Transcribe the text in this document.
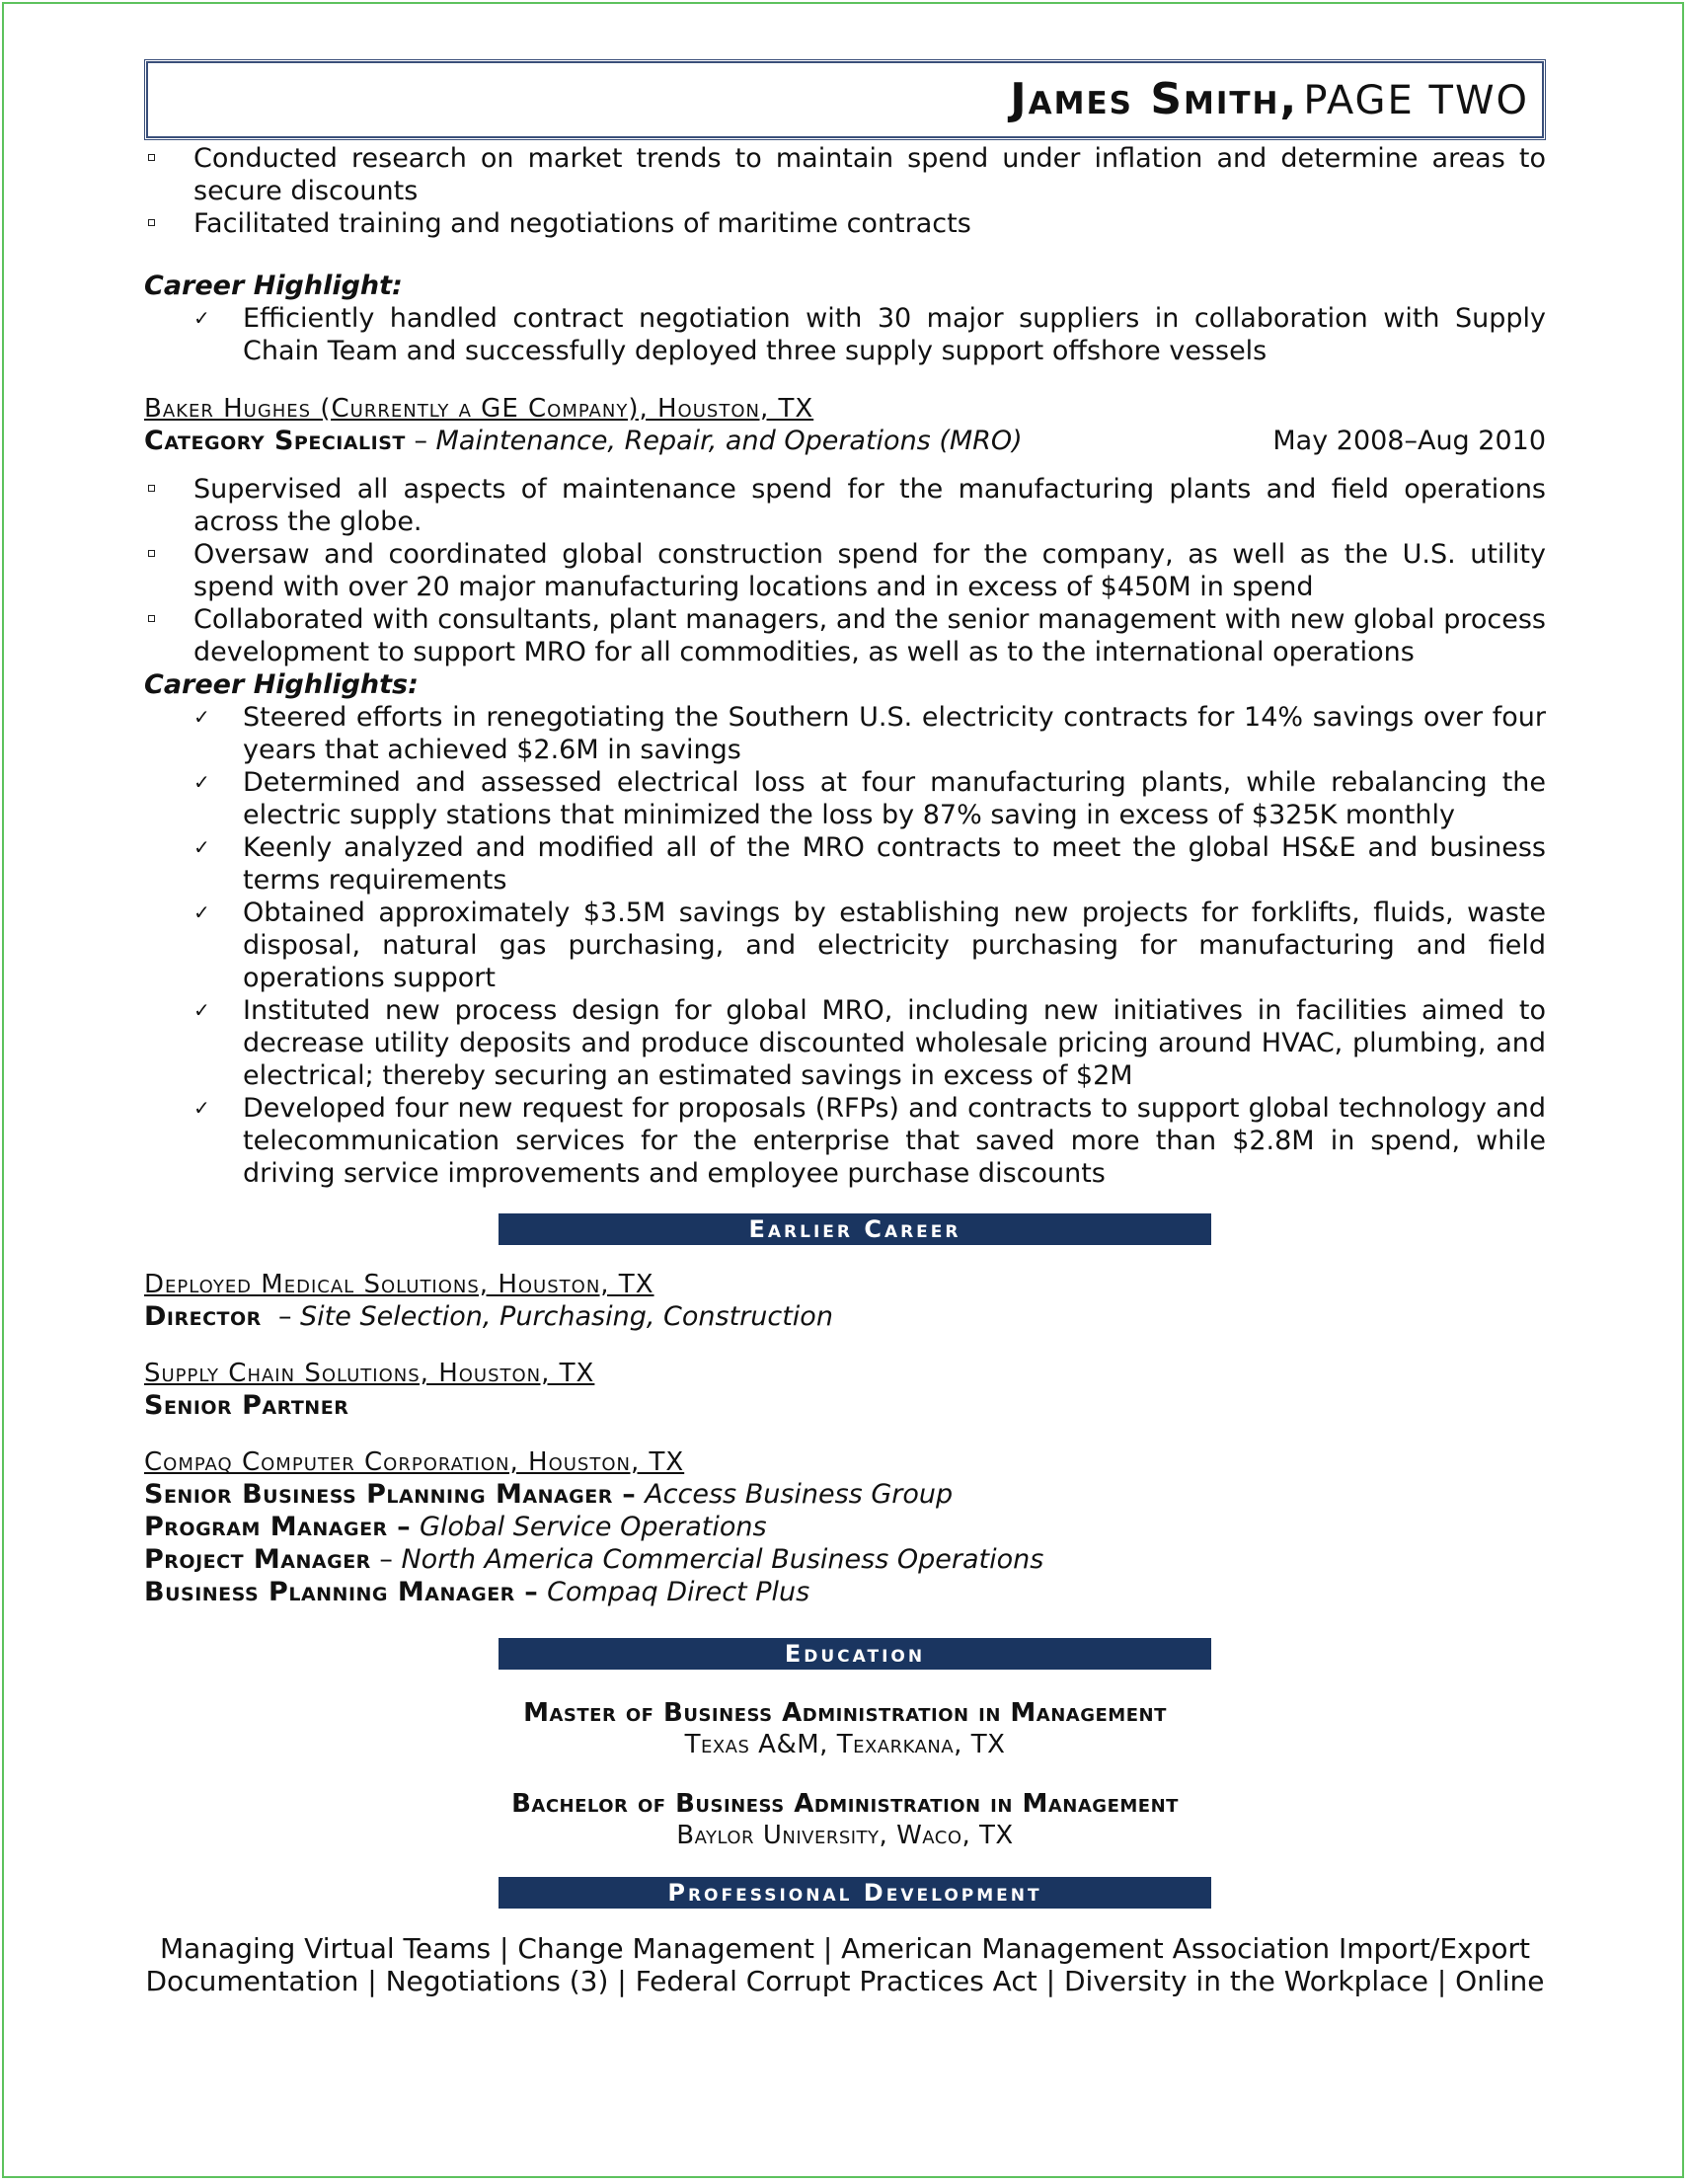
James Smith, PAGE TWO
Conducted research on market trends to maintain spend under inflation and determine areas to secure discounts
Facilitated training and negotiations of maritime contracts
Career Highlight:
✓ Efficiently handled contract negotiation with 30 major suppliers in collaboration with Supply Chain Team and successfully deployed three supply support offshore vessels
Baker Hughes (Currently a GE Company), Houston, TX
Category Specialist – Maintenance, Repair, and Operations (MRO)	May 2008–Aug 2010
Supervised all aspects of maintenance spend for the manufacturing plants and field operations across the globe.
Oversaw and coordinated global construction spend for the company, as well as the U.S. utility spend with over 20 major manufacturing locations and in excess of $450M in spend
Collaborated with consultants, plant managers, and the senior management with new global process development to support MRO for all commodities, as well as to the international operations
Career Highlights:
✓ Steered efforts in renegotiating the Southern U.S. electricity contracts for 14% savings over four years that achieved $2.6M in savings
✓ Determined and assessed electrical loss at four manufacturing plants, while rebalancing the electric supply stations that minimized the loss by 87% saving in excess of $325K monthly
✓ Keenly analyzed and modified all of the MRO contracts to meet the global HS&E and business terms requirements
✓ Obtained approximately $3.5M savings by establishing new projects for forklifts, fluids, waste disposal, natural gas purchasing, and electricity purchasing for manufacturing and field operations support
✓ Instituted new process design for global MRO, including new initiatives in facilities aimed to decrease utility deposits and produce discounted wholesale pricing around HVAC, plumbing, and electrical; thereby securing an estimated savings in excess of $2M
✓ Developed four new request for proposals (RFPs) and contracts to support global technology and telecommunication services for the enterprise that saved more than $2.8M in spend, while driving service improvements and employee purchase discounts
Earlier Career
Deployed Medical Solutions, Houston, TX
Director  – Site Selection, Purchasing, Construction
Supply Chain Solutions, Houston, TX
Senior Partner
Compaq Computer Corporation, Houston, TX
Senior Business Planning Manager – Access Business Group
Program Manager – Global Service Operations
Project Manager – North America Commercial Business Operations
Business Planning Manager – Compaq Direct Plus
Education
Master of Business Administration in Management
Texas A&M, Texarkana, TX
Bachelor of Business Administration in Management
Baylor University, Waco, TX
Professional Development
Managing Virtual Teams | Change Management | American Management Association Import/Export
Documentation | Negotiations (3) | Federal Corrupt Practices Act | Diversity in the Workplace | Online
